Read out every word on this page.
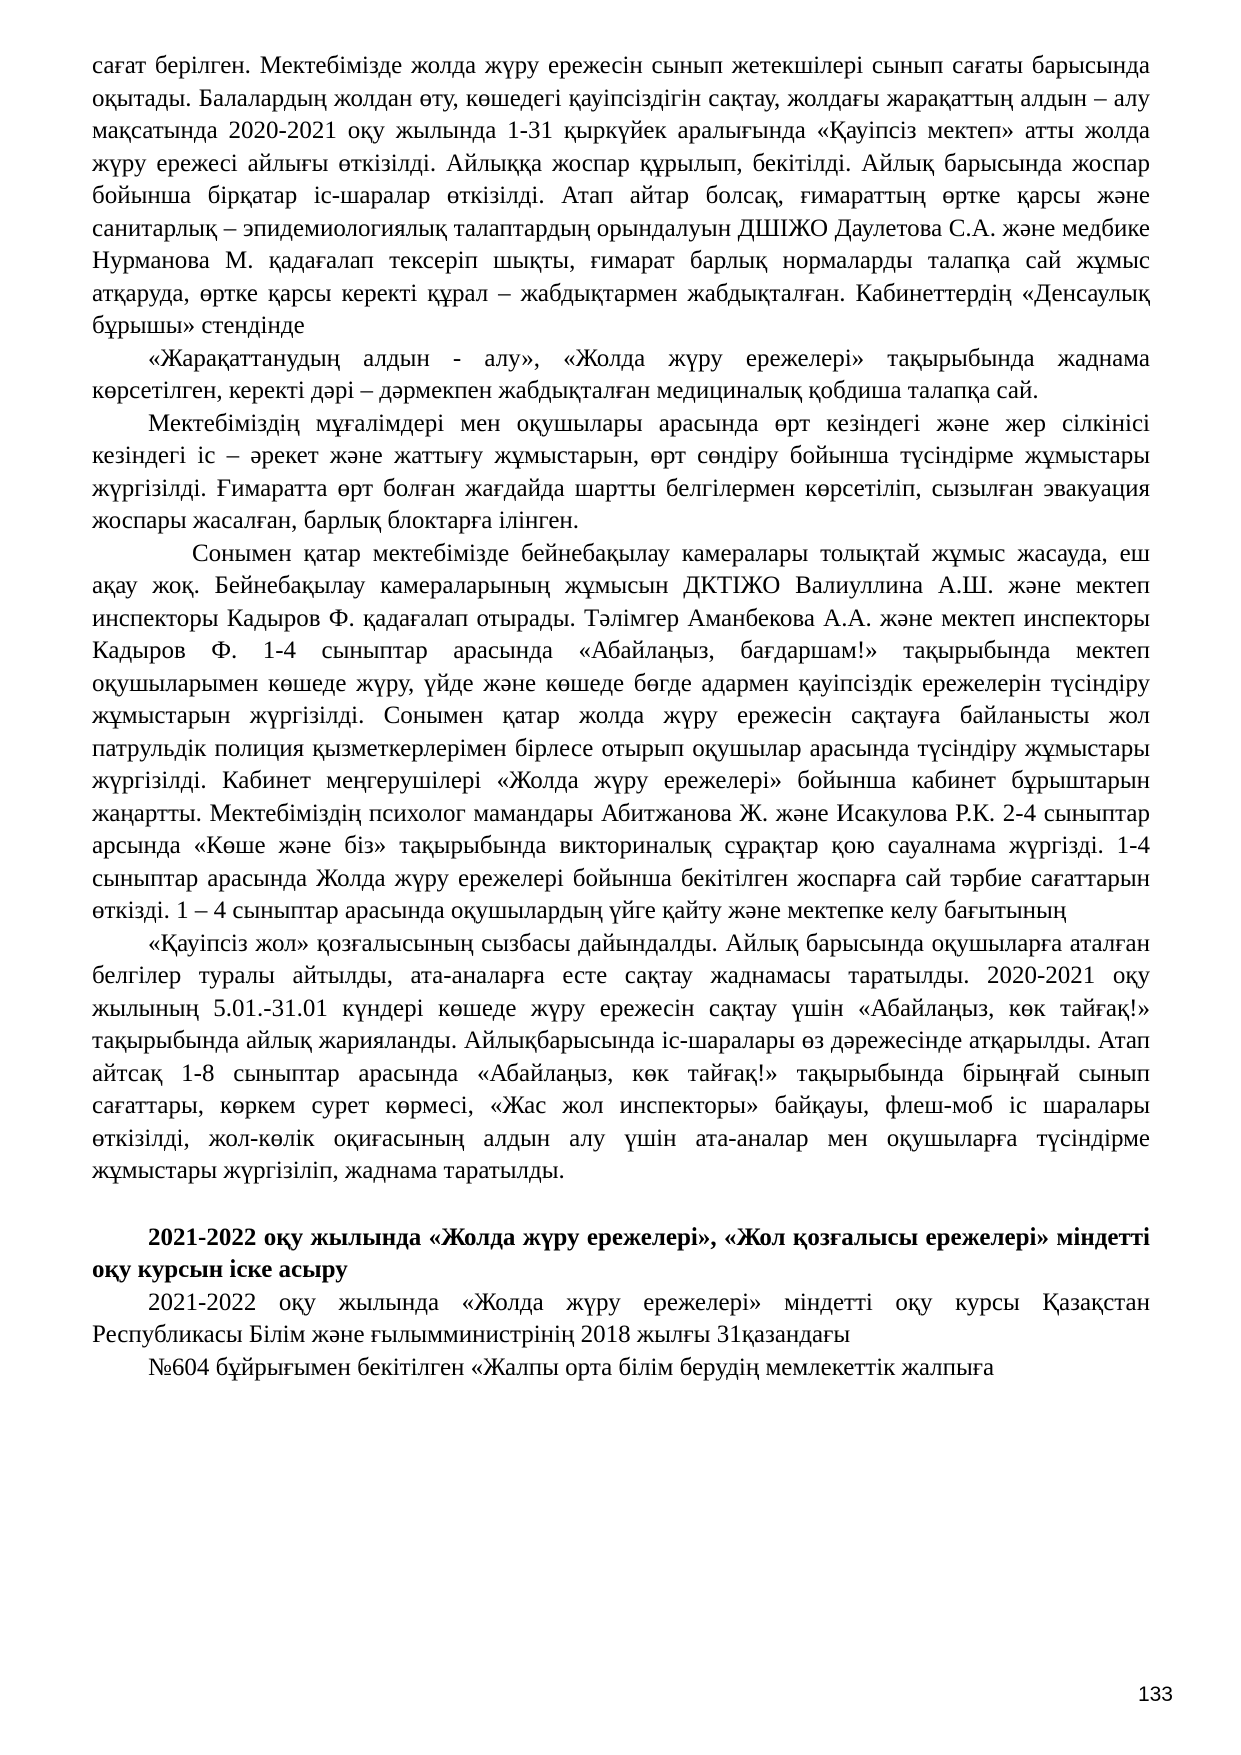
сағат берілген. Мектебімізде жолда жүру ережесін сынып жетекшілері сынып сағаты барысында оқытады. Балалардың жолдан өту, көшедегі қауіпсіздігін сақтау, жолдағы жарақаттың алдын – алу мақсатында 2020-2021 оқу жылында 1-31 қыркүйек аралығында «Қауіпсіз мектеп» атты жолда жүру ережесі айлығы өткізілді. Айлыққа жоспар құрылып, бекітілді. Айлық барысында жоспар бойынша бірқатар іс-шаралар өткізілді. Атап айтар болсақ, ғимараттың өртке қарсы және санитарлық – эпидемиологиялық талаптардың орындалуын ДШІЖО Даулетова С.А. және медбике Нурманова М. қадағалап тексеріп шықты, ғимарат барлық нормаларды талапқа сай жұмыс атқаруда, өртке қарсы керекті құрал – жабдықтармен жабдықталған. Кабинеттердің «Денсаулық бұрышы» стендінде

«Жарақаттанудың алдын - алу», «Жолда жүру ережелері» тақырыбында жаднама көрсетілген, керекті дәрі – дәрмекпен жабдықталған медициналық қобдиша талапқа сай.

Мектебіміздің мұғалімдері мен оқушылары арасында өрт кезіндегі және жер сілкінісі кезіндегі іс – әрекет және жаттығу жұмыстарын, өрт сөндіру бойынша түсіндірме жұмыстары жүргізілді. Ғимаратта өрт болған жағдайда шартты белгілермен көрсетіліп, сызылған эвакуация жоспары жасалған, барлық блоктарға ілінген.

Сонымен қатар мектебімізде бейнебақылау камералары толықтай жұмыс жасауда, еш ақау жоқ. Бейнебақылау камераларының жұмысын ДКТІЖО Валиуллина А.Ш. және мектеп инспекторы Кадыров Ф. қадағалап отырады. Тәлімгер Аманбекова А.А. және мектеп инспекторы Кадыров Ф. 1-4 сыныптар арасында «Абайлаңыз, бағдаршам!» тақырыбында мектеп оқушыларымен көшеде жүру, үйде және көшеде бөгде адармен қауіпсіздік ережелерін түсіндіру жұмыстарын жүргізілді. Сонымен қатар жолда жүру ережесін сақтауға байланысты жол патрульдік полиция қызметкерлерімен бірлесе отырып оқушылар арасында түсіндіру жұмыстары жүргізілді. Кабинет меңгерушілері «Жолда жүру ережелері» бойынша кабинет бұрыштарын жаңартты. Мектебіміздің психолог мамандары Абитжанова Ж. және Исакулова Р.К. 2-4 сыныптар арсында «Көше және біз» тақырыбында викториналық сұрақтар қою сауалнама жүргізді. 1-4 сыныптар арасында Жолда жүру ережелері бойынша бекітілген жоспарға сай тәрбие сағаттарын өткізді. 1 – 4 сыныптар арасында оқушылардың үйге қайту және мектепке келу бағытының

«Қауіпсіз жол» қозғалысының сызбасы дайындалды. Айлық барысында оқушыларға аталған белгілер туралы айтылды, ата-аналарға есте сақтау жаднамасы таратылды. 2020-2021 оқу жылының 5.01.-31.01 күндері көшеде жүру ережесін сақтау үшін «Абайлаңыз, көк тайғақ!» тақырыбында айлық жарияланды. Айлықбарысында іс-шаралары өз дәрежесінде атқарылды. Атап айтсақ 1-8 сыныптар арасында «Абайлаңыз, көк тайғақ!» тақырыбында бірыңғай сынып сағаттары, көркем сурет көрмесі, «Жас жол инспекторы» байқауы, флеш-моб іс шаралары өткізілді, жол-көлік оқиғасының алдын алу үшін ата-аналар мен оқушыларға түсіндірме жұмыстары жүргізіліп, жаднама таратылды.

2021-2022 оқу жылында «Жолда жүру ережелері», «Жол қозғалысы ережелері» міндетті оқу курсын іске асыру

2021-2022 оқу жылында «Жолда жүру ережелері» міндетті оқу курсы Қазақстан Республикасы Білім және ғылымминистрінің 2018 жылғы 31қазандағы

№604 бұйрығымен бекітілген «Жалпы орта білім берудің мемлекеттік жалпыға

133
